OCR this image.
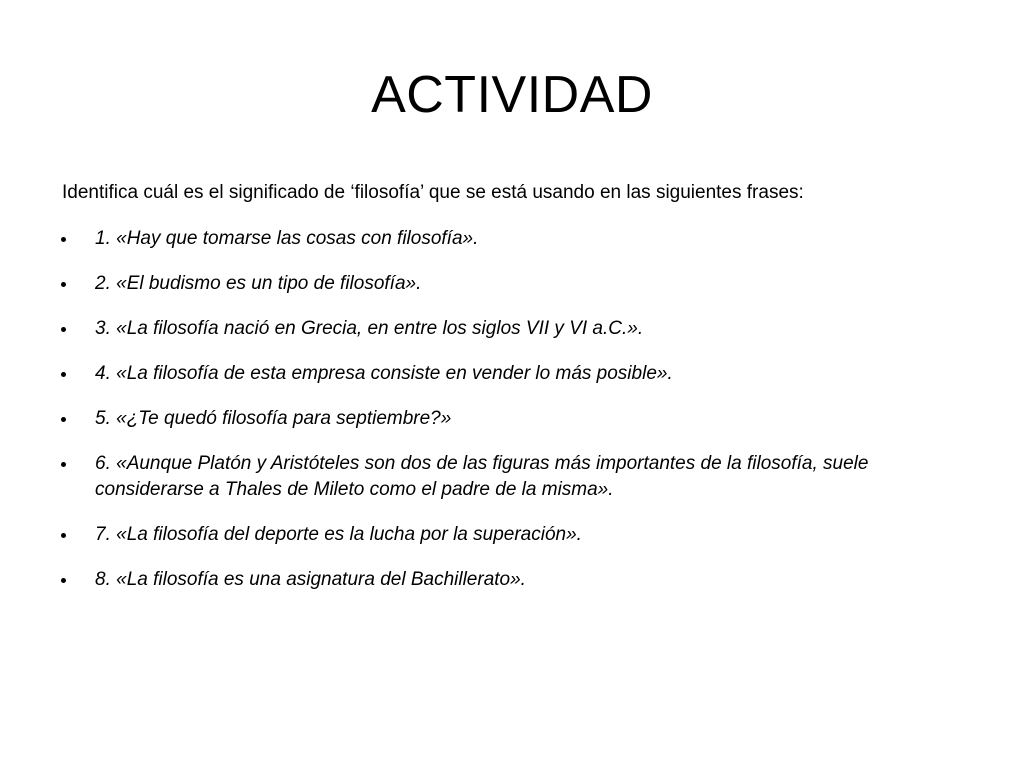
ACTIVIDAD

Identifica cuál es el significado de ‘filosofía’ que se está usando en las siguientes frases:

1. «Hay que tomarse las cosas con filosofía».
2. «El budismo es un tipo de filosofía».
3. «La filosofía nació en Grecia, en entre los siglos VII y VI a.C.».
4. «La filosofía de esta empresa consiste en vender lo más posible».
5. «¿Te quedó filosofía para septiembre?»
6. «Aunque Platón y Aristóteles son dos de las figuras más importantes de la filosofía, suele considerarse a Thales de Mileto como el padre de la misma».
7. «La filosofía del deporte es la lucha por la superación».
8. «La filosofía es una asignatura del Bachillerato».
